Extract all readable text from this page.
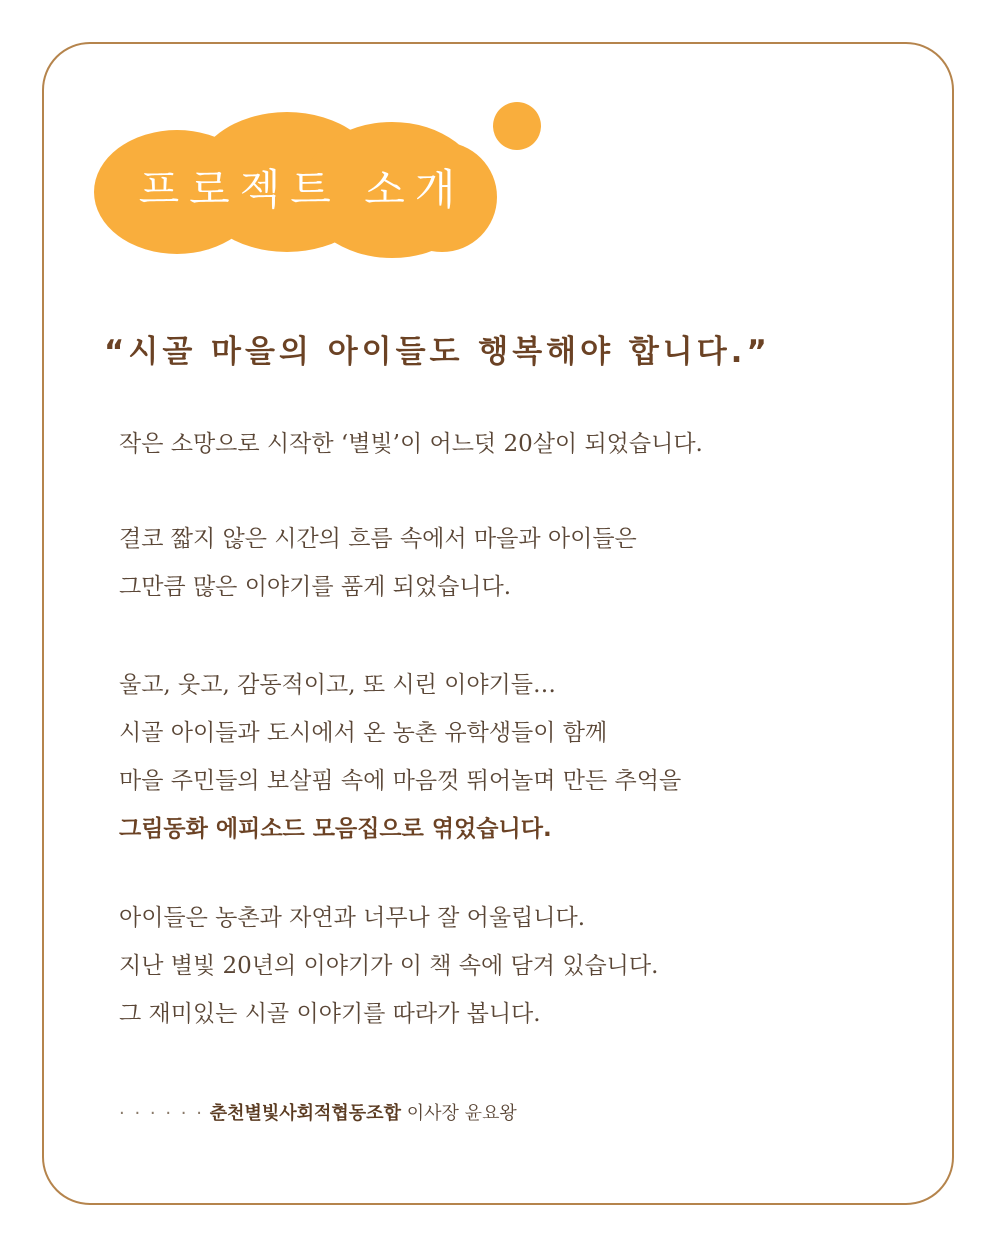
프로젝트 소개
“시골 마을의 아이들도 행복해야 합니다.”
작은 소망으로 시작한 ‘별빛’이 어느덧 20살이 되었습니다.
결코 짧지 않은 시간의 흐름 속에서 마을과 아이들은
그만큼 많은 이야기를 품게 되었습니다.
울고, 웃고, 감동적이고, 또 시린 이야기들…
시골 아이들과 도시에서 온 농촌 유학생들이 함께
마을 주민들의 보살핌 속에 마음껏 뛰어놀며 만든 추억을
그림동화 에피소드 모음집으로 엮었습니다.
아이들은 농촌과 자연과 너무나 잘 어울립니다.
지난 별빛 20년의 이야기가 이 책 속에 담겨 있습니다.
그 재미있는 시골 이야기를 따라가 봅니다.
· · · · · · 춘천별빛사회적협동조합 이사장 윤요왕
